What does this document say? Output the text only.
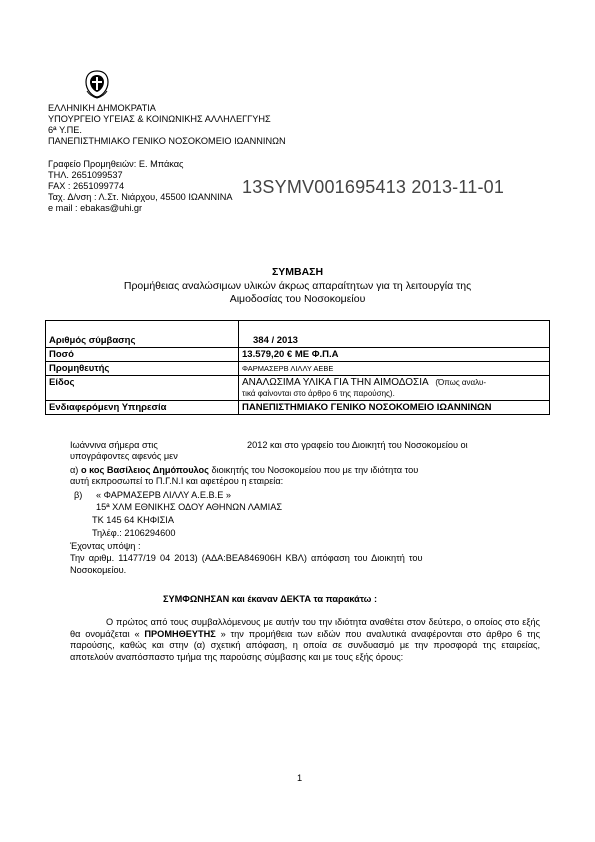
ΕΛΛΗΝΙΚΗ ΔΗΜΟΚΡΑΤΙΑ
ΥΠΟΥΡΓΕΙΟ ΥΓΕΙΑΣ & ΚΟΙΝΩΝΙΚΗΣ ΑΛΛΗΛΕΓΓΥΗΣ
6ª Υ.ΠΕ.
ΠΑΝΕΠΙΣΤΗΜΙΑΚΟ ΓΕΝΙΚΟ ΝΟΣΟΚΟΜΕΙΟ ΙΩΑΝΝΙΝΩΝ
Γραφείο Προμηθειών: Ε. Μπάκας
ΤΗΛ. 2651099537
FAX : 2651099774
Ταχ. Δ/νση : Λ.Στ. Νιάρχου, 45500 ΙΩΑΝΝΙΝΑ
e mail : ebakas@uhi.gr
13SYMV001695413 2013-11-01
ΣΥΜΒΑΣΗ
Προμήθειας αναλώσιμων υλικών άκρως απαραίτητων για τη λειτουργία της
Αιμοδοσίας του Νοσοκομείου
Αριθμός σύμβασης	384 / 2013
Ποσό	13.579,20 € ΜΕ Φ.Π.Α
Προμηθευτής	ΦΑΡΜΑΣΕΡΒ ΛΙΛΛΥ ΑΕΒΕ
Είδος	ΑΝΑΛΩΣΙΜΑ ΥΛΙΚΑ ΓΙΑ ΤΗΝ ΑΙΜΟΔΟΣΙΑ (Όπως αναλυ-
τικά φαίνονται στο άρθρο 6 της παρούσης).
Ενδιαφερόμενη Υπηρεσία	ΠΑΝΕΠΙΣΤΗΜΙΑΚΟ ΓΕΝΙΚΟ ΝΟΣΟΚΟΜΕΙΟ ΙΩΑΝΝΙΝΩΝ
Ιωάννινα σήμερα στις	2012 και στο γραφείο του Διοικητή του Νοσοκομείου οι
υπογράφοντες αφενός μεν
α) ο κος Βασίλειος Δημόπουλος διοικητής του Νοσοκομείου που με την ιδιότητα του
αυτή εκπροσωπεί το Π.Γ.Ν.Ι και αφετέρου η εταιρεία:
β) « ΦΑΡΜΑΣΕΡΒ ΛΙΛΛΥ Α.Ε.Β.Ε »
15ª ΧΛΜ ΕΘΝΙΚΗΣ ΟΔΟΥ ΑΘΗΝΩΝ ΛΑΜΙΑΣ
ΤΚ 145 64 ΚΗΦΙΣΙΑ
Τηλέφ.: 2106294600
Έχοντας υπόψη :
Την αριθμ. 11477/19 04 2013) (ΑΔΑ:ΒΕΑ846906Η ΚΒΛ) απόφαση του Διοικητή του
Νοσοκομείου.
ΣΥΜΦΩΝΗΣΑΝ και έκαναν ΔΕΚΤΑ τα παρακάτω :
Ο πρώτος από τους συμβαλλόμενους με αυτήν του την ιδιότητα αναθέτει στον δεύτερο, ο οποίος στο εξής θα ονομάζεται « ΠΡΟΜΗΘΕΥΤΗΣ » την προμήθεια των ειδών που αναλυτικά αναφέρονται στο άρθρο 6 της παρούσης, καθώς και στην (α) σχετική απόφαση, η οποία σε συνδυασμό με την προσφορά της εταιρείας, αποτελούν αναπόσπαστο τμήμα της παρούσης σύμβασης και με τους εξής όρους:
1
